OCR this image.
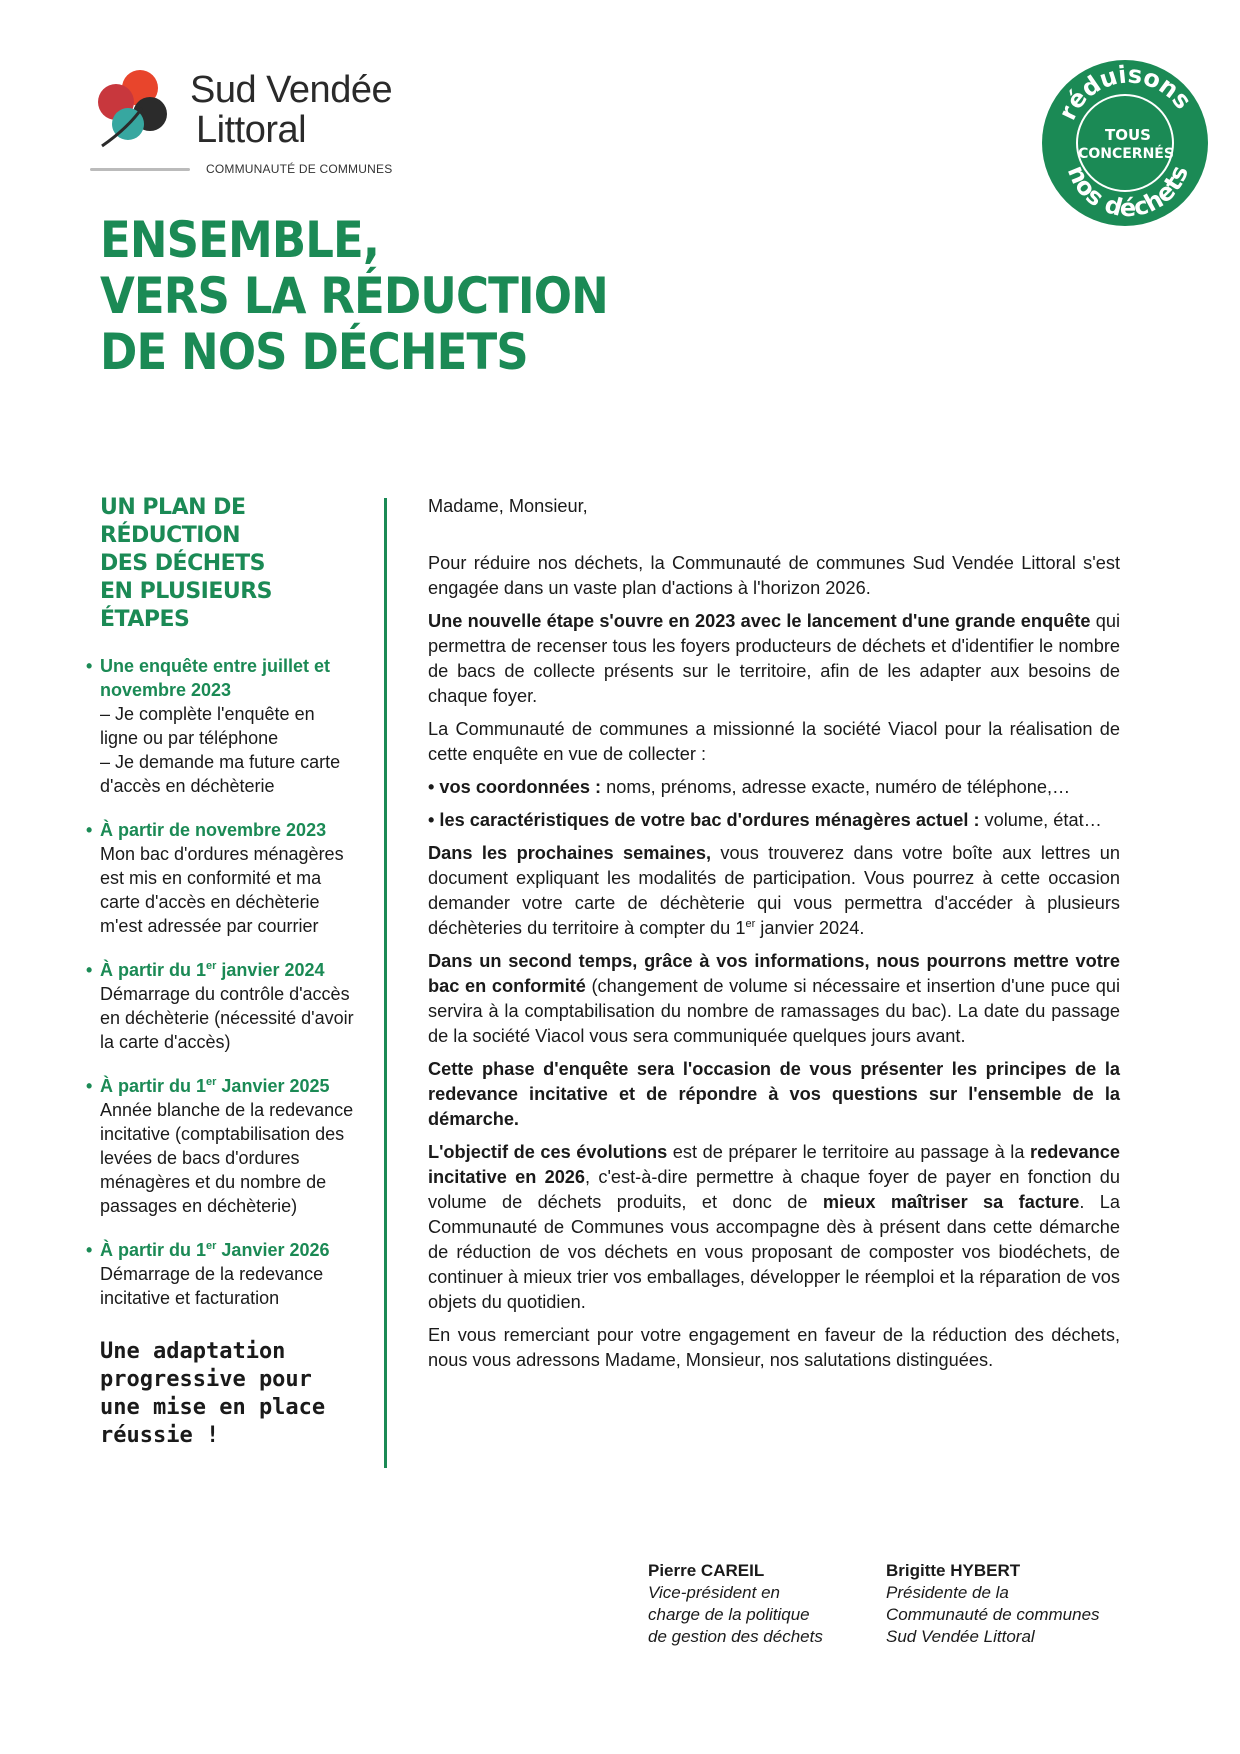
Sud Vendée
Littoral
COMMUNAUTÉ DE COMMUNES
réduisons
nos déchets
TOUS
CONCERNÉS
ENSEMBLE,
VERS LA RÉDUCTION
DE NOS DÉCHETS
UN PLAN DE RÉDUCTION
DES DÉCHETS
EN PLUSIEURS ÉTAPES
• Une enquête entre juillet et novembre 2023
– Je complète l'enquête en ligne ou par téléphone
– Je demande ma future carte d'accès en déchèterie
• À partir de novembre 2023
Mon bac d'ordures ménagères est mis en conformité et ma carte d'accès en déchèterie m'est adressée par courrier
• À partir du 1er janvier 2024
Démarrage du contrôle d'accès en déchèterie (nécessité d'avoir la carte d'accès)
• À partir du 1er Janvier 2025
Année blanche de la redevance incitative (comptabilisation des levées de bacs d'ordures ménagères et du nombre de passages en déchèterie)
• À partir du 1er Janvier 2026
Démarrage de la redevance incitative et facturation
Une adaptation
progressive pour
une mise en place
réussie !

Madame, Monsieur,

Pour réduire nos déchets, la Communauté de communes Sud Vendée Littoral s'est engagée dans un vaste plan d'actions à l'horizon 2026.

Une nouvelle étape s'ouvre en 2023 avec le lancement d'une grande enquête qui permettra de recenser tous les foyers producteurs de déchets et d'identifier le nombre de bacs de collecte présents sur le territoire, afin de les adapter aux besoins de chaque foyer.

La Communauté de communes a missionné la société Viacol pour la réalisation de cette enquête en vue de collecter :

• vos coordonnées : noms, prénoms, adresse exacte, numéro de téléphone,…

• les caractéristiques de votre bac d'ordures ménagères actuel : volume, état…

Dans les prochaines semaines, vous trouverez dans votre boîte aux lettres un document expliquant les modalités de participation. Vous pourrez à cette occasion demander votre carte de déchèterie qui vous permettra d'accéder à plusieurs déchèteries du territoire à compter du 1er janvier 2024.

Dans un second temps, grâce à vos informations, nous pourrons mettre votre bac en conformité (changement de volume si nécessaire et insertion d'une puce qui servira à la comptabilisation du nombre de ramassages du bac). La date du passage de la société Viacol vous sera communiquée quelques jours avant.

Cette phase d'enquête sera l'occasion de vous présenter les principes de la redevance incitative et de répondre à vos questions sur l'ensemble de la démarche.

L'objectif de ces évolutions est de préparer le territoire au passage à la redevance incitative en 2026, c'est-à-dire permettre à chaque foyer de payer en fonction du volume de déchets produits, et donc de mieux maîtriser sa facture. La Communauté de Communes vous accompagne dès à présent dans cette démarche de réduction de vos déchets en vous proposant de composter vos biodéchets, de continuer à mieux trier vos emballages, développer le réemploi et la réparation de vos objets du quotidien.

En vous remerciant pour votre engagement en faveur de la réduction des déchets, nous vous adressons Madame, Monsieur, nos salutations distinguées.

Pierre CAREIL
Vice-président en
charge de la politique
de gestion des déchets
Brigitte HYBERT
Présidente de la
Communauté de communes
Sud Vendée Littoral
